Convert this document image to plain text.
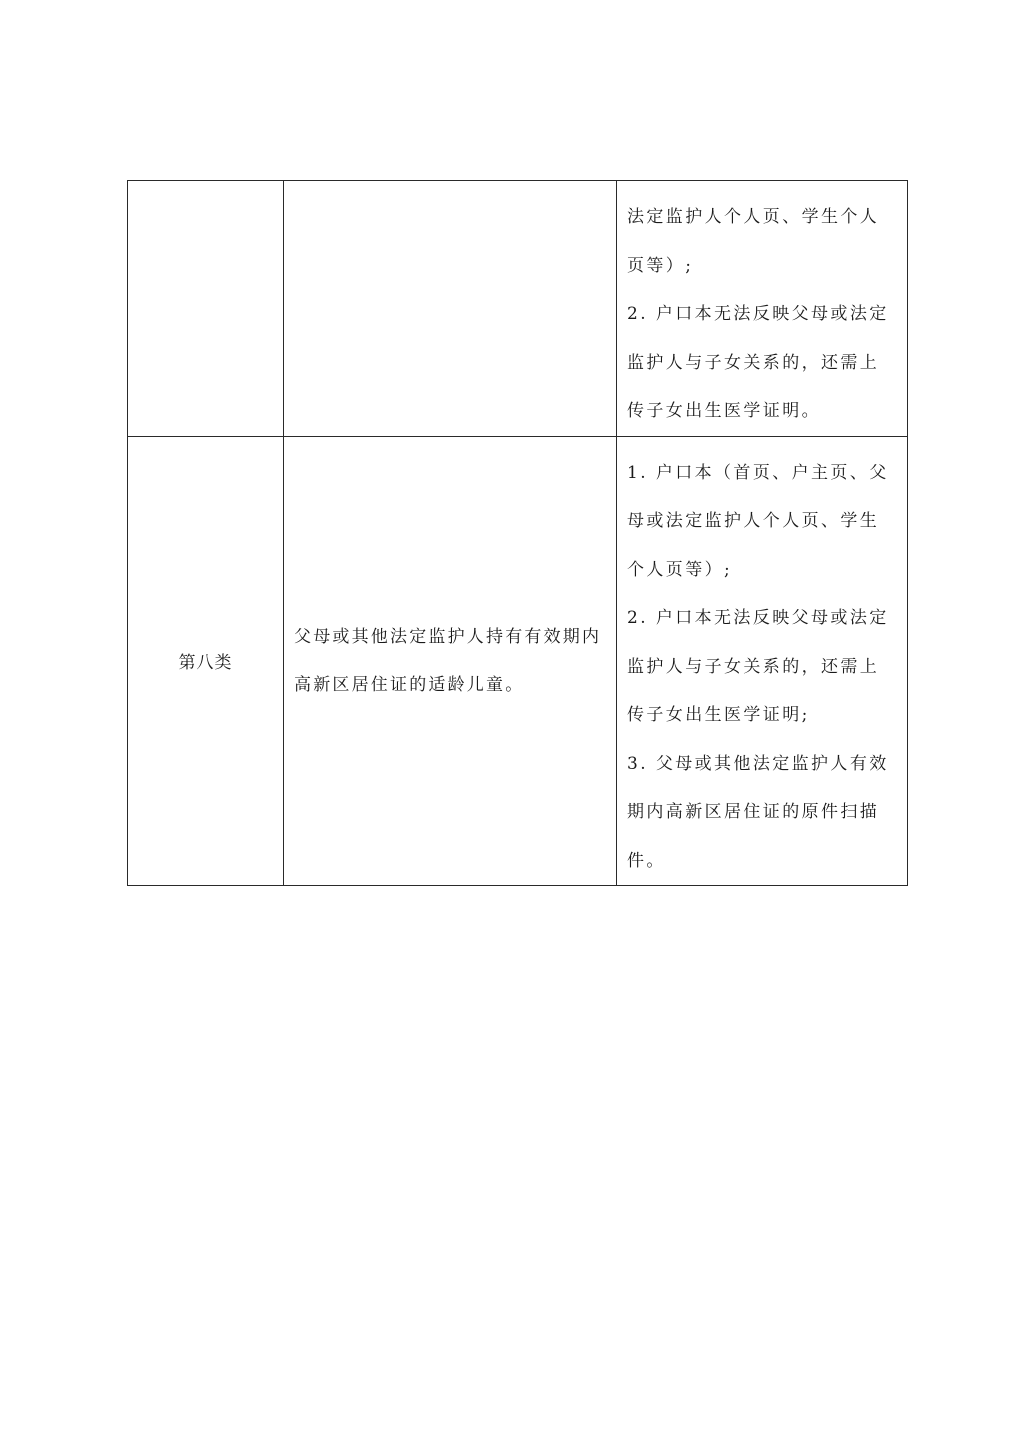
		法定监护人个人页、学生个人页等）;

2. 户口本无法反映父母或法定监护人与子女关系的，还需上传子女出生医学证明。

第八类	父母或其他法定监护人持有有效期内高新区居住证的适龄儿童。	1. 户口本（首页、户主页、父母或法定监护人个人页、学生个人页等）;

2. 户口本无法反映父母或法定监护人与子女关系的，还需上传子女出生医学证明;

3. 父母或其他法定监护人有效期内高新区居住证的原件扫描件。
